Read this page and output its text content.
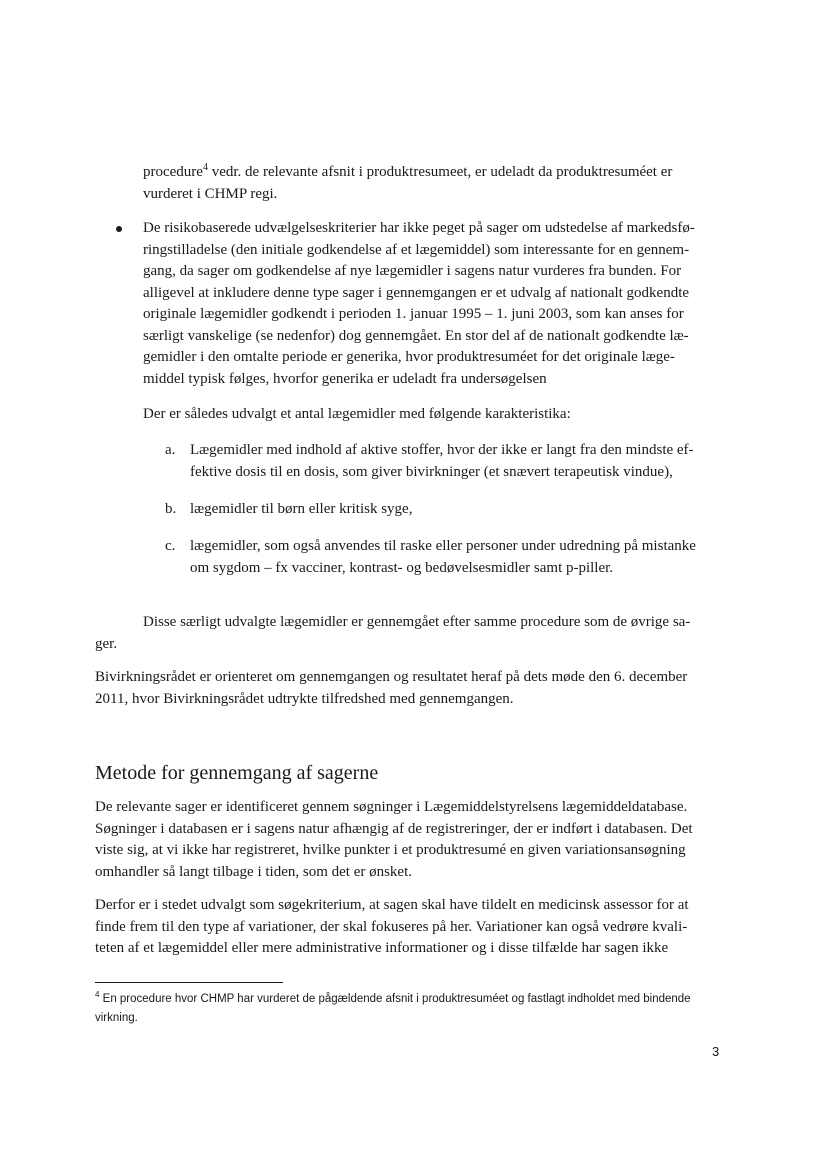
procedure$^4$ vedr. de relevante afsnit i produktresumeet, er udeladt da produktresuméet er
vurderet i CHMP regi.

De risikobaserede udvælgelseskriterier har ikke peget på sager om udstedelse af markedsfø-
ringstilladelse (den initiale godkendelse af et lægemiddel) som interessante for en gennem-
gang, da sager om godkendelse af nye lægemidler i sagens natur vurderes fra bunden. For
alligevel at inkludere denne type sager i gennemgangen er et udvalg af nationalt godkendte
originale lægemidler godkendt i perioden 1. januar 1995 – 1. juni 2003, som kan anses for
særligt vanskelige (se nedenfor) dog gennemgået. En stor del af de nationalt godkendte læ-
gemidler i den omtalte periode er generika, hvor produktresuméet for det originale læge-
middel typisk følges, hvorfor generika er udeladt fra undersøgelsen

Der er således udvalgt et antal lægemidler med følgende karakteristika:

a. Lægemidler med indhold af aktive stoffer, hvor der ikke er langt fra den mindste ef-
fektive dosis til en dosis, som giver bivirkninger (et snævert terapeutisk vindue),
b. lægemidler til børn eller kritisk syge,
c. lægemidler, som også anvendes til raske eller personer under udredning på mistanke
om sygdom – fx vacciner, kontrast- og bedøvelsesmidler samt p-piller.

Disse særligt udvalgte lægemidler er gennemgået efter samme procedure som de øvrige sa-
ger.

Bivirkningsrådet er orienteret om gennemgangen og resultatet heraf på dets møde den 6. december
2011, hvor Bivirkningsrådet udtrykte tilfredshed med gennemgangen.

Metode for gennemgang af sagerne

De relevante sager er identificeret gennem søgninger i Lægemiddelstyrelsens lægemiddeldatabase.
Søgninger i databasen er i sagens natur afhængig af de registreringer, der er indført i databasen. Det
viste sig, at vi ikke har registreret, hvilke punkter i et produktresumé en given variationsansøgning
omhandler så langt tilbage i tiden, som det er ønsket.

Derfor er i stedet udvalgt som søgekriterium, at sagen skal have tildelt en medicinsk assessor for at
finde frem til den type af variationer, der skal fokuseres på her. Variationer kan også vedrøre kvali-
teten af et lægemiddel eller mere administrative informationer og i disse tilfælde har sagen ikke

$^4$ En procedure hvor CHMP har vurderet de pågældende afsnit i produktresuméet og fastlagt indholdet med bindende
virkning.

3
